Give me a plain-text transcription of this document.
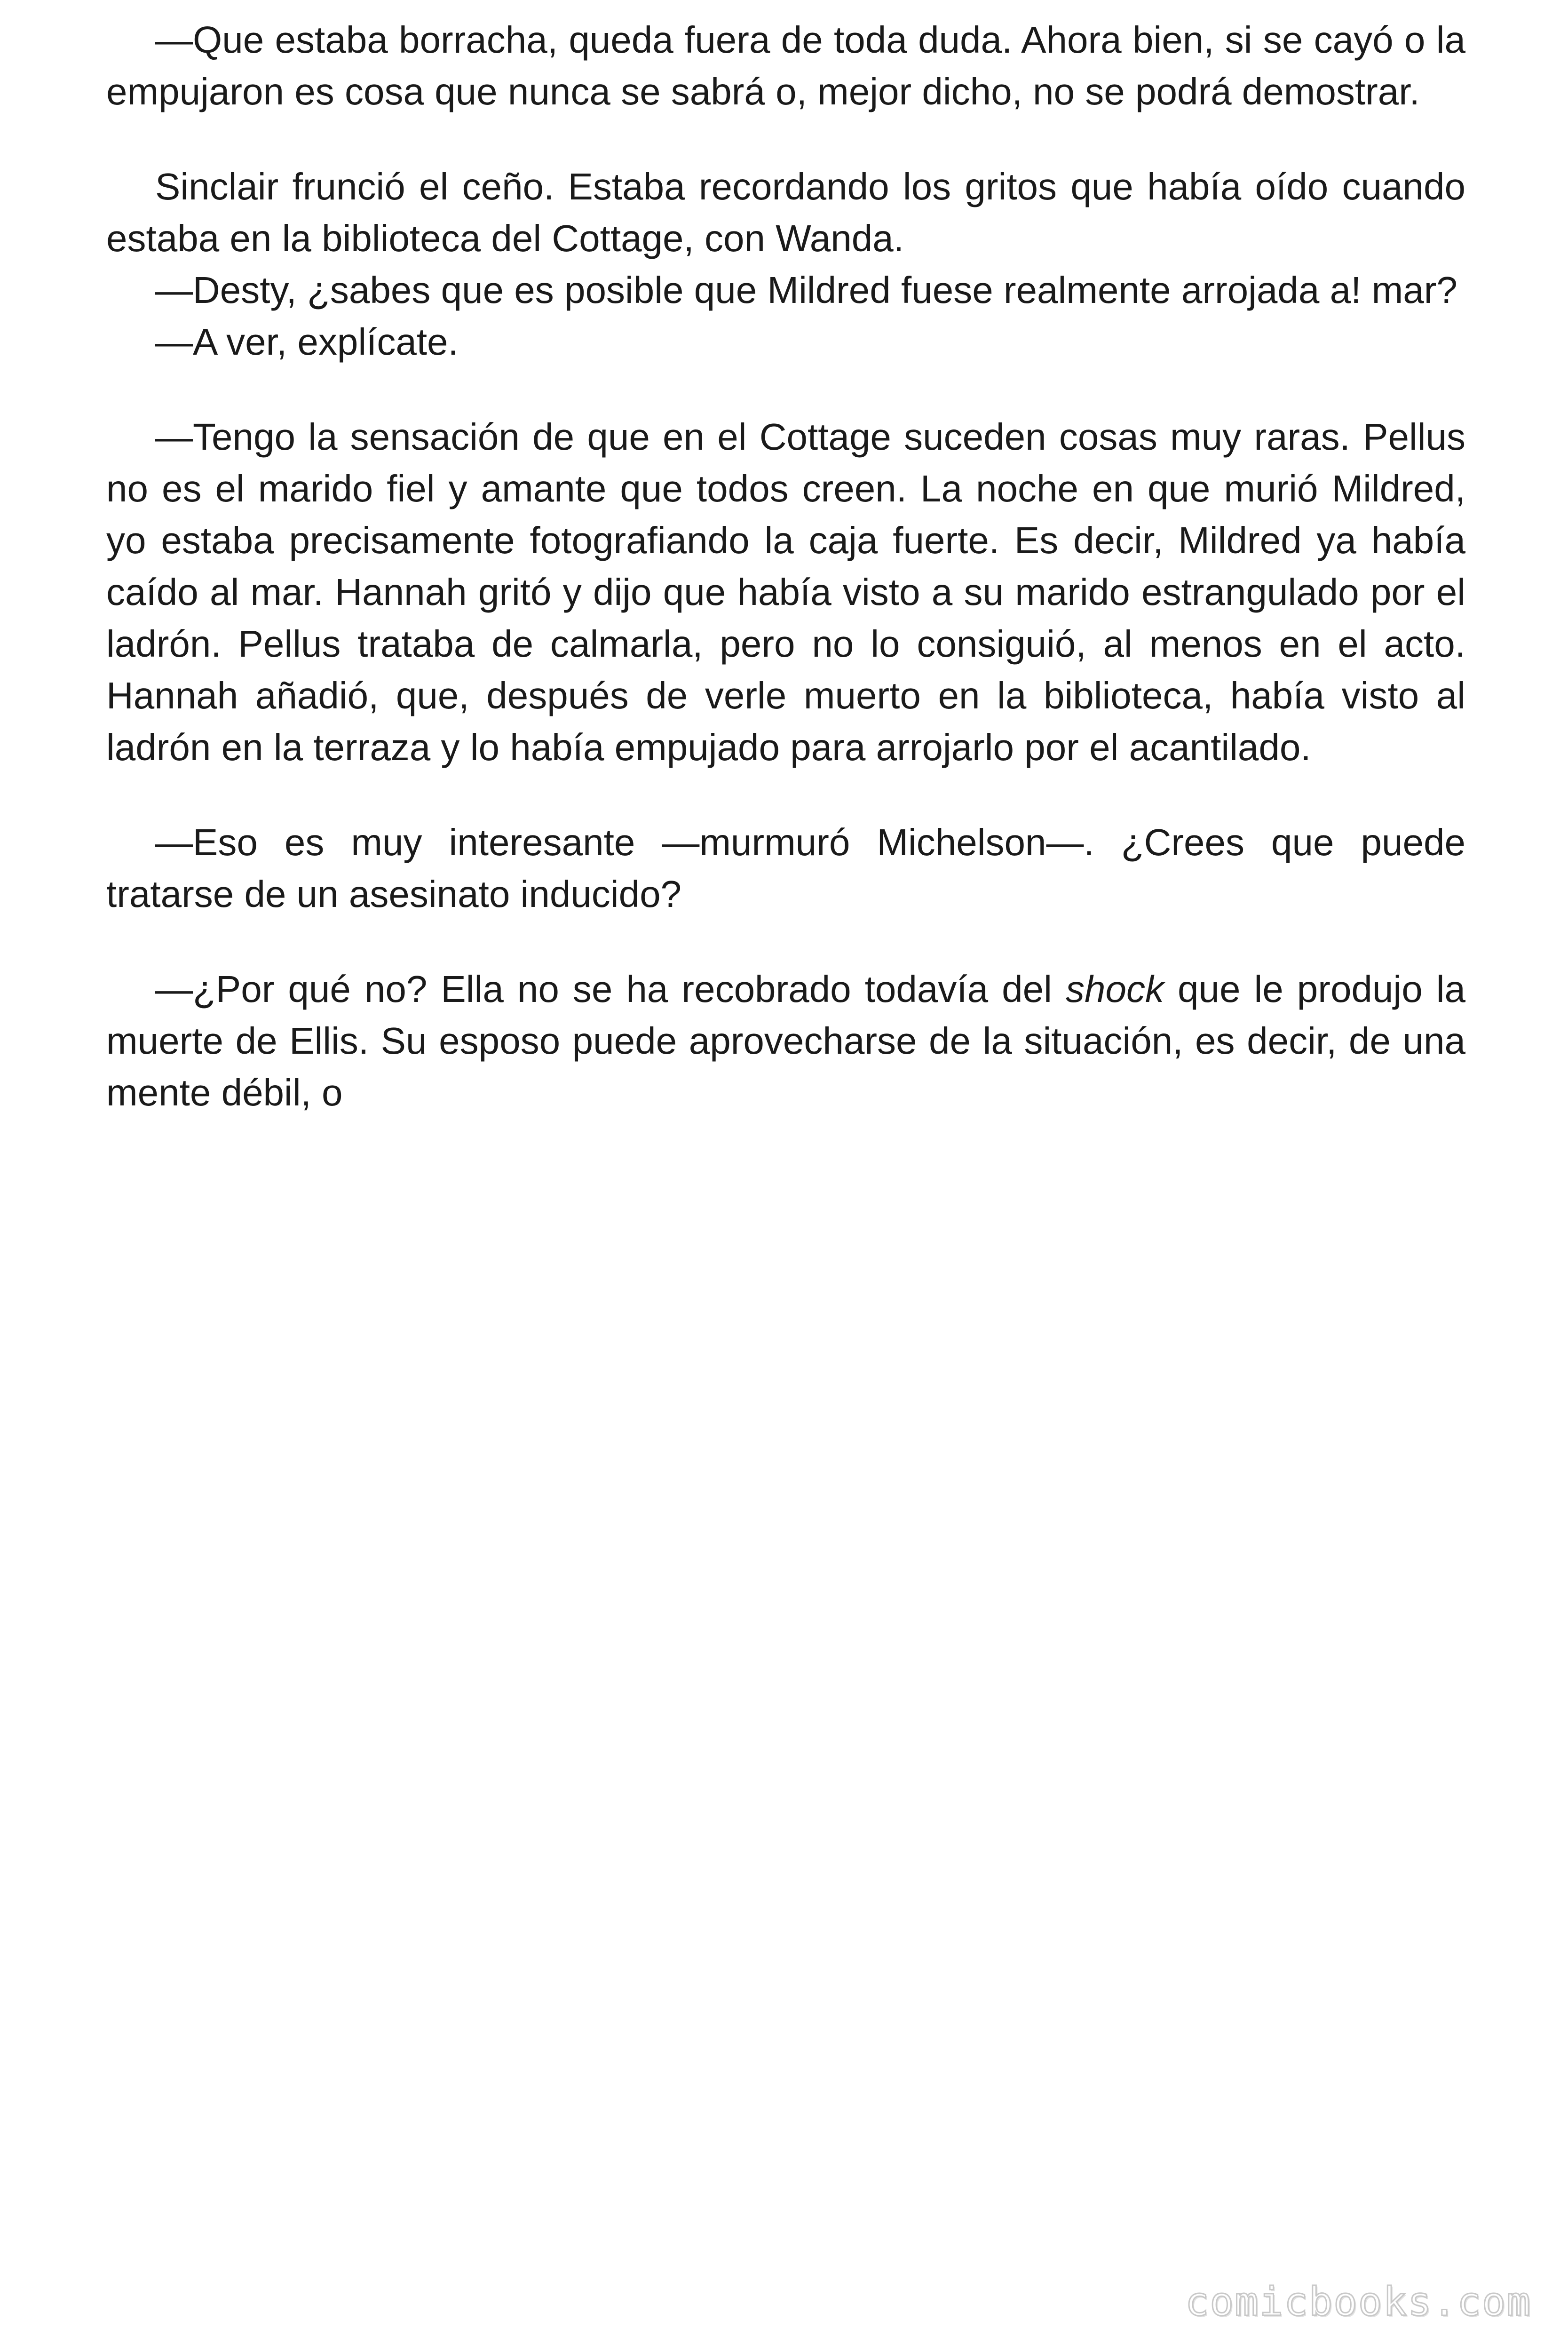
—Que estaba borracha, queda fuera de toda duda. Ahora bien, si se cayó o la empujaron es cosa que nunca se sabrá o, mejor dicho, no se podrá demostrar.

Sinclair frunció el ceño. Estaba recordando los gritos que había oído cuando estaba en la biblioteca del Cottage, con Wanda.

—Desty, ¿sabes que es posible que Mildred fuese realmente arrojada a! mar?

—A ver, explícate.

—Tengo la sensación de que en el Cottage suceden cosas muy raras. Pellus no es el marido fiel y amante que todos creen. La noche en que murió Mildred, yo estaba precisamente fotografiando la caja fuerte. Es decir, Mildred ya había caído al mar. Hannah gritó y dijo que había visto a su marido estrangulado por el ladrón. Pellus trataba de calmarla, pero no lo consiguió, al menos en el acto. Hannah añadió, que, después de verle muerto en la biblioteca, había visto al ladrón en la terraza y lo había empujado para arrojarlo por el acantilado.

—Eso es muy interesante —murmuró Michelson—. ¿Crees que puede tratarse de un asesinato inducido?

—¿Por qué no? Ella no se ha recobrado todavía del shock que le produjo la muerte de Ellis. Su esposo puede aprovecharse de la situación, es decir, de una mente débil, o

comicbooks.com
